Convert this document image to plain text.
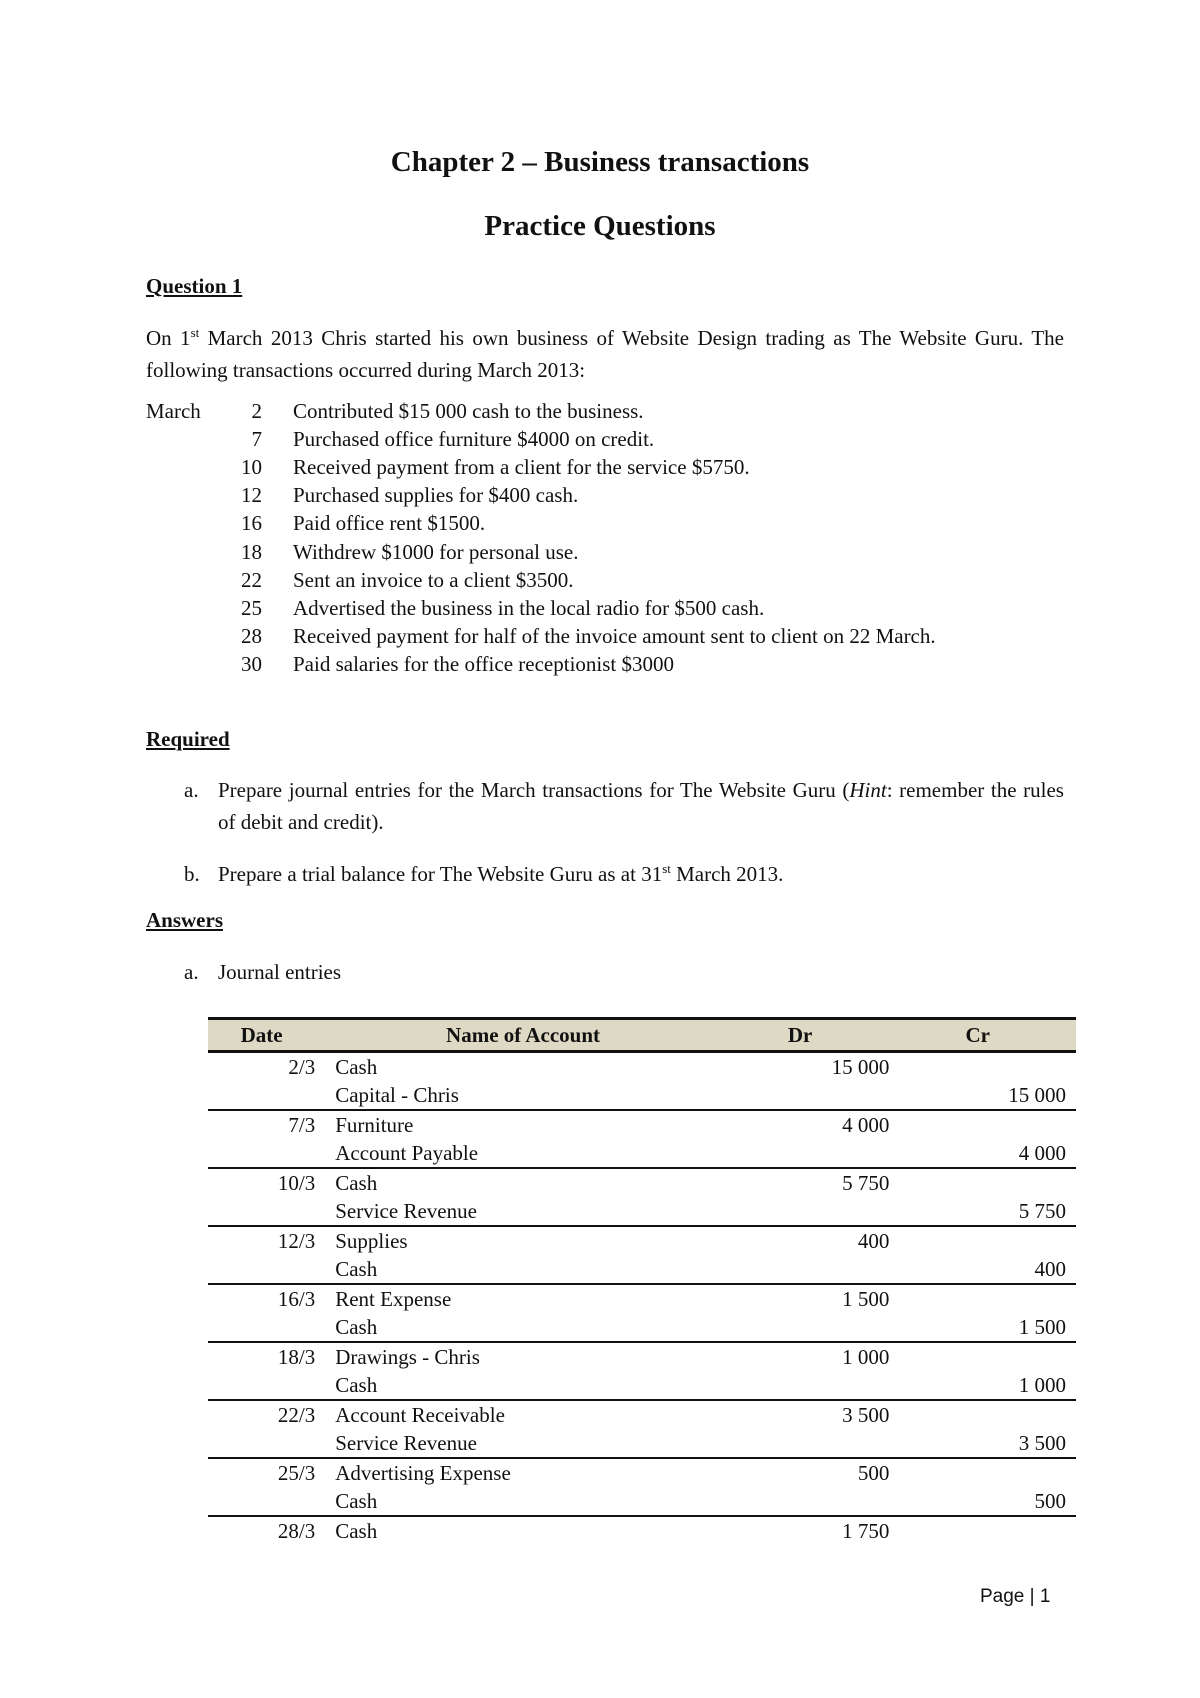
Chapter 2 – Business transactions
Practice Questions
Question 1
On 1st March 2013 Chris started his own business of Website Design trading as The Website Guru. The following transactions occurred during March 2013:
March	2 Contributed $15 000 cash to the business.
7 Purchased office furniture $4000 on credit.
10 Received payment from a client for the service $5750.
12 Purchased supplies for $400 cash.
16 Paid office rent $1500.
18 Withdrew $1000 for personal use.
22 Sent an invoice to a client $3500.
25 Advertised the business in the local radio for $500 cash.
28 Received payment for half of the invoice amount sent to client on 22 March.
30 Paid salaries for the office receptionist $3000
Required
a. Prepare journal entries for the March transactions for The Website Guru (Hint: remember the rules of debit and credit).
b. Prepare a trial balance for The Website Guru as at 31st March 2013.
Answers
a. Journal entries
Date	Name of Account	Dr	Cr
2/3	Cash	15 000	
	Capital - Chris		15 000
7/3	Furniture	4 000	
	Account Payable		4 000
10/3	Cash	5 750	
	Service Revenue		5 750
12/3	Supplies	400	
	Cash		400
16/3	Rent Expense	1 500	
	Cash		1 500
18/3	Drawings - Chris	1 000	
	Cash		1 000
22/3	Account Receivable	3 500	
	Service Revenue		3 500
25/3	Advertising Expense	500	
	Cash		500
28/3	Cash	1 750	
Page | 1
